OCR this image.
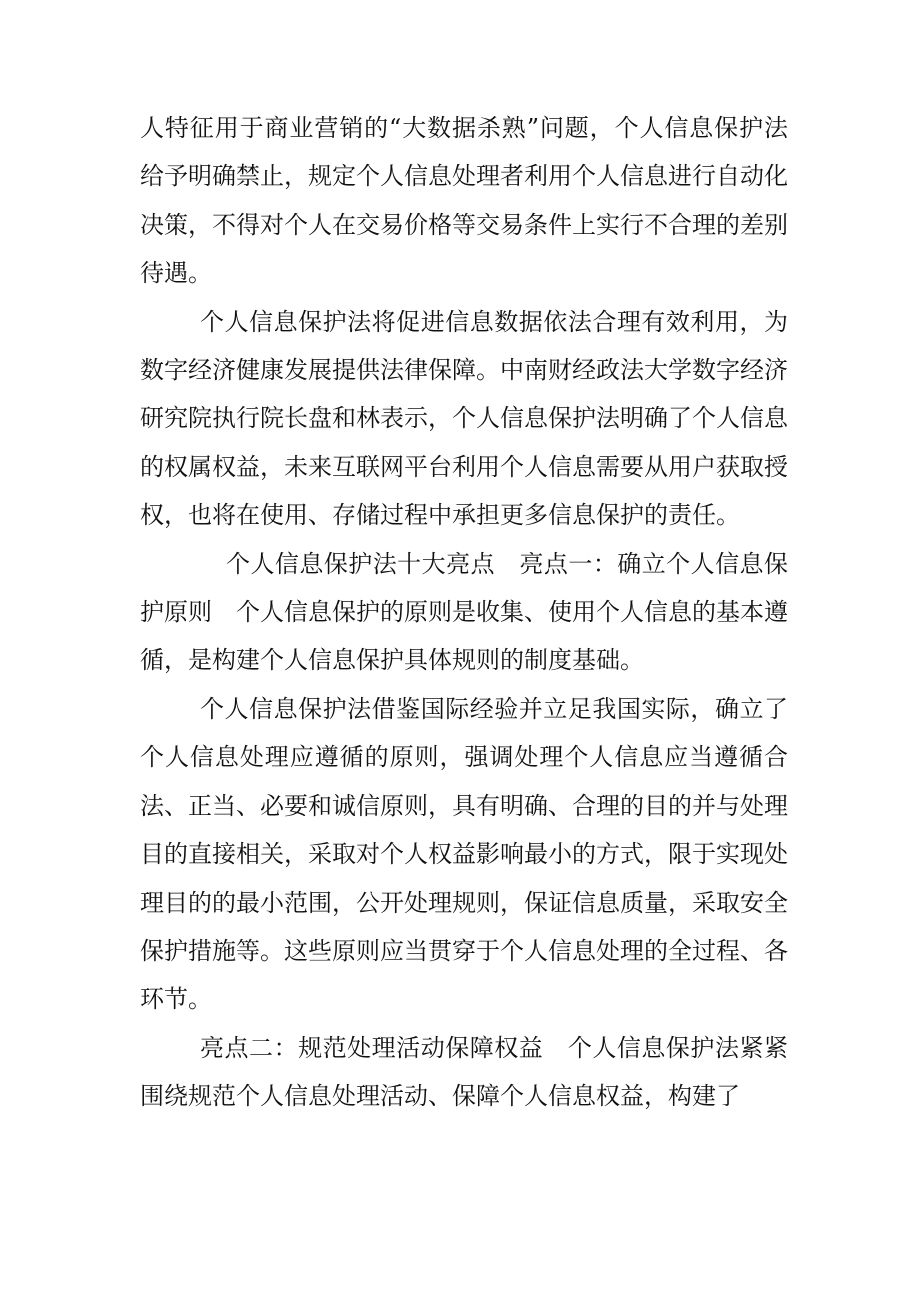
人特征用于商业营销的“大数据杀熟”问题，个人信息保护法给予明确禁止，规定个人信息处理者利用个人信息进行自动化决策，不得对个人在交易价格等交易条件上实行不合理的差别待遇。

个人信息保护法将促进信息数据依法合理有效利用，为数字经济健康发展提供法律保障。中南财经政法大学数字经济研究院执行院长盘和林表示，个人信息保护法明确了个人信息的权属权益，未来互联网平台利用个人信息需要从用户获取授权，也将在使用、存储过程中承担更多信息保护的责任。

个人信息保护法十大亮点　亮点一：确立个人信息保护原则　个人信息保护的原则是收集、使用个人信息的基本遵循，是构建个人信息保护具体规则的制度基础。

个人信息保护法借鉴国际经验并立足我国实际，确立了个人信息处理应遵循的原则，强调处理个人信息应当遵循合法、正当、必要和诚信原则，具有明确、合理的目的并与处理目的直接相关，采取对个人权益影响最小的方式，限于实现处理目的的最小范围，公开处理规则，保证信息质量，采取安全保护措施等。这些原则应当贯穿于个人信息处理的全过程、各环节。

亮点二：规范处理活动保障权益　个人信息保护法紧紧围绕规范个人信息处理活动、保障个人信息权益，构建了
